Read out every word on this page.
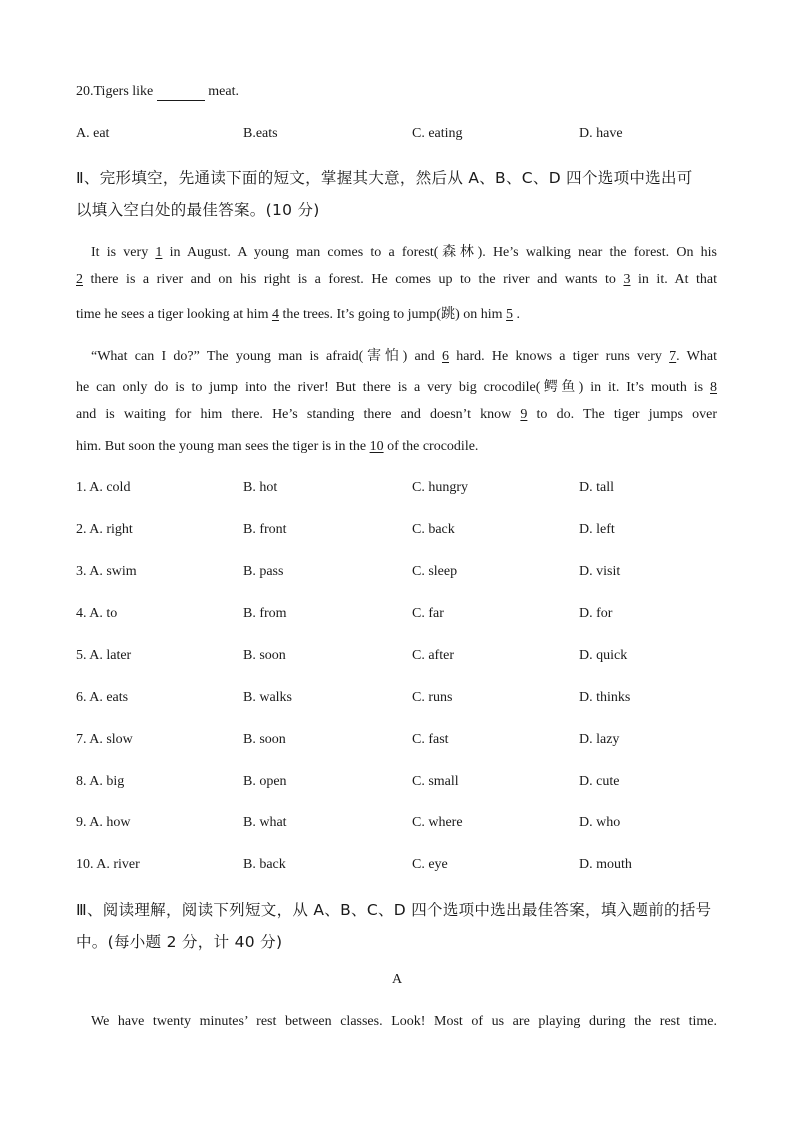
20.Tigers like	meat.
A. eat	B.eats	C. eating	D. have
Ⅱ、完形填空，先通读下面的短文，掌握其大意，然后从 A、B、C、D 四个选项中选出可
以填入空白处的最佳答案。(10 分)
It is very 1 in August. A young man comes to a forest(森林). He’s walking near the forest. On his
2 there is a river and on his right is a forest. He comes up to the river and wants to 3 in it. At that
time he sees a tiger looking at him 4 the trees. It’s going to jump(跳) on him 5 .
“What can I do?” The young man is afraid(害怕) and 6 hard. He knows a tiger runs very 7. What
he can only do is to jump into the river! But there is a very big crocodile(鳄鱼) in it. It’s mouth is 8
and is waiting for him there. He’s standing there and doesn’t know 9 to do. The tiger jumps over
him. But soon the young man sees the tiger is in the 10 of the crocodile.
1. A. cold	B. hot	C. hungry	D. tall
2. A. right	B. front	C. back	D. left
3. A. swim	B. pass	C. sleep	D. visit
4. A. to	B. from	C. far	D. for
5. A. later	B. soon	C. after	D. quick
6. A. eats	B. walks	C. runs	D. thinks
7. A. slow	B. soon	C. fast	D. lazy
8. A. big	B. open	C. small	D. cute
9. A. how	B. what	C. where	D. who
10. A. river	B. back	C. eye	D. mouth
Ⅲ、阅读理解，阅读下列短文，从 A、B、C、D 四个选项中选出最佳答案，填入题前的括号
中。(每小题 2 分，计 40 分)
A
We have twenty minutes’ rest between classes. Look! Most of us are playing during the rest time.
